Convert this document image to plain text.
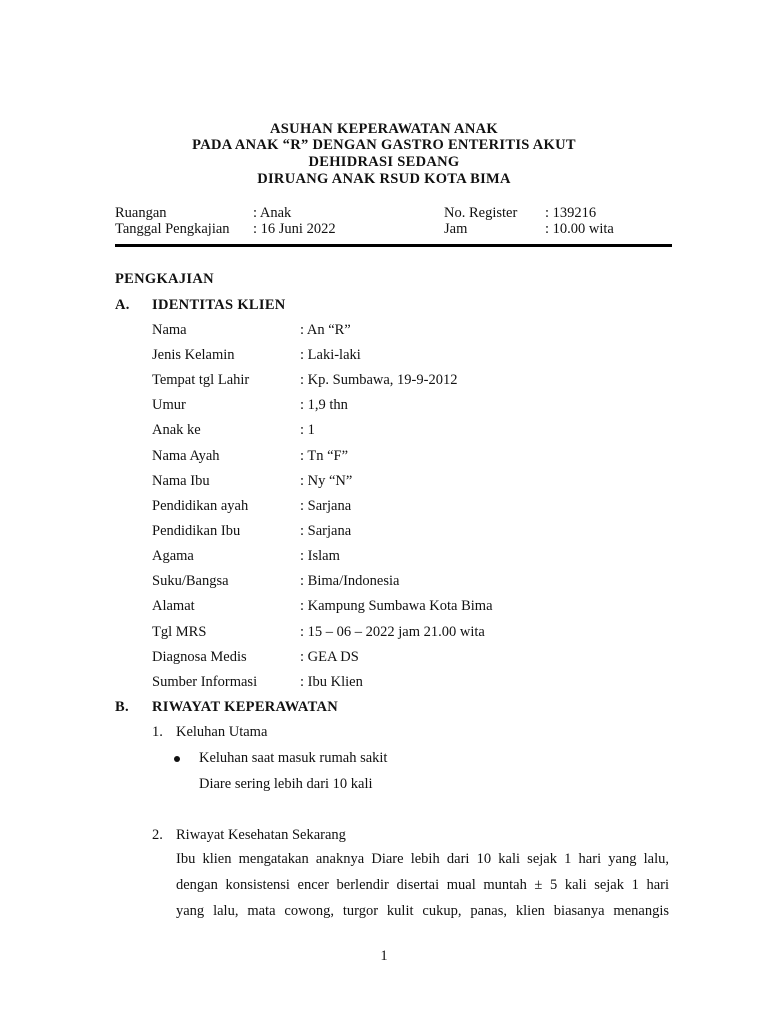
ASUHAN KEPERAWATAN ANAK
PADA ANAK “R” DENGAN GASTRO ENTERITIS AKUT
DEHIDRASI SEDANG
DIRUANG ANAK RSUD KOTA BIMA
Ruangan	: Anak	No. Register : 139216
Tanggal Pengkajian : 16 Juni 2022	Jam	: 10.00 wita
PENGKAJIAN
A. IDENTITAS KLIEN
Nama	: An “R”
Jenis Kelamin	: Laki-laki
Tempat tgl Lahir	: Kp. Sumbawa, 19-9-2012
Umur	: 1,9 thn
Anak ke	: 1
Nama Ayah	: Tn “F”
Nama Ibu	: Ny “N”
Pendidikan ayah	: Sarjana
Pendidikan Ibu	: Sarjana
Agama	: Islam
Suku/Bangsa	: Bima/Indonesia
Alamat	: Kampung Sumbawa Kota Bima
Tgl MRS	: 15 – 06 – 2022 jam 21.00 wita
Diagnosa Medis	: GEA DS
Sumber Informasi	: Ibu Klien
B. RIWAYAT KEPERAWATAN
1. Keluhan Utama
Keluhan saat masuk rumah sakit
Diare sering lebih dari 10 kali
2. Riwayat Kesehatan Sekarang
Ibu klien mengatakan anaknya Diare lebih dari 10 kali sejak 1 hari yang lalu,
dengan konsistensi encer berlendir disertai mual muntah ± 5 kali sejak 1 hari
yang lalu, mata cowong, turgor kulit cukup, panas, klien biasanya menangis
1
